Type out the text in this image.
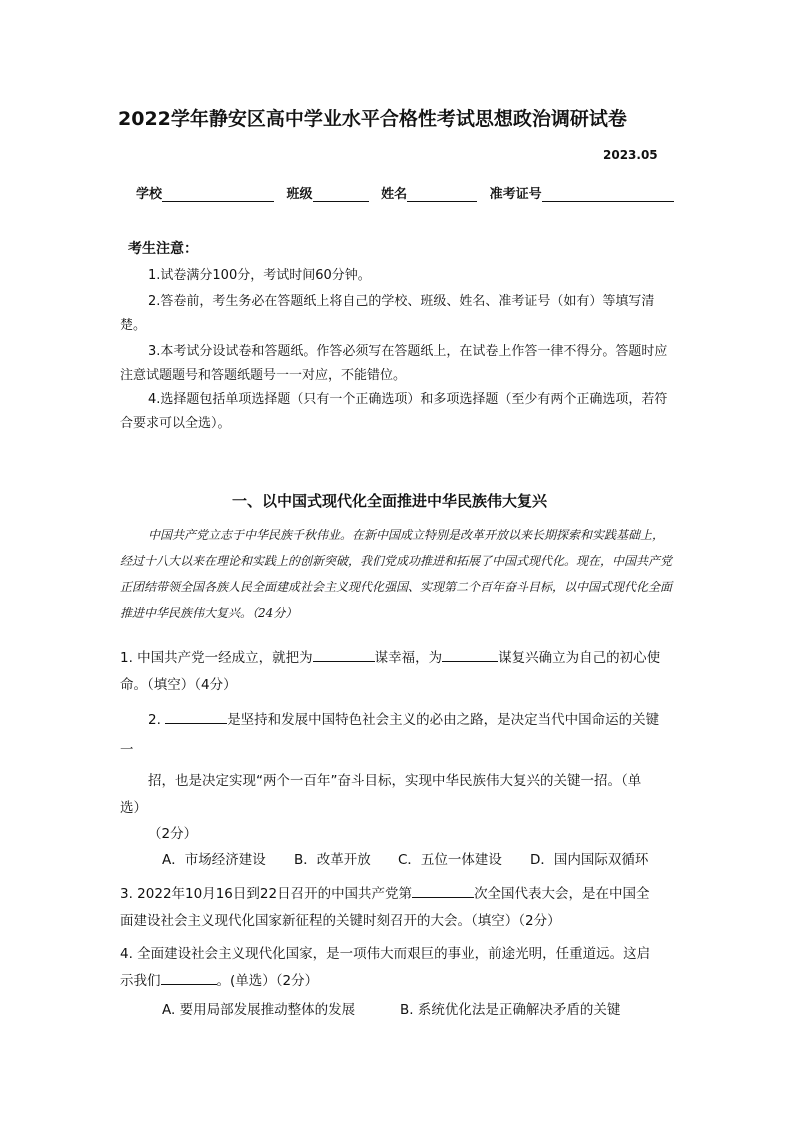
2022学年静安区高中学业水平合格性考试思想政治调研试卷
2023.05
学校	班级	姓名	准考证号
考生注意：
1.试卷满分100分，考试时间60分钟。
2.答卷前，考生务必在答题纸上将自己的学校、班级、姓名、准考证号（如有）等填写清楚。
3.本考试分设试卷和答题纸。作答必须写在答题纸上，在试卷上作答一律不得分。答题时应注意试题题号和答题纸题号一一对应，不能错位。
4.选择题包括单项选择题（只有一个正确选项）和多项选择题（至少有两个正确选项，若符合要求可以全选）。
一、以中国式现代化全面推进中华民族伟大复兴
中国共产党立志于中华民族千秋伟业。在新中国成立特别是改革开放以来长期探索和实践基础上，经过十八大以来在理论和实践上的创新突破，我们党成功推进和拓展了中国式现代化。现在，中国共产党正团结带领全国各族人民全面建成社会主义现代化强国、实现第二个百年奋斗目标，以中国式现代化全面推进中华民族伟大复兴。（24分）
1. 中国共产党一经成立，就把为	谋幸福，为	谋复兴确立为自己的初心使
命。（填空）（4分）
2.	是坚持和发展中国特色社会主义的必由之路，是决定当代中国命运的关键
一
招，也是决定实现“两个一百年”奋斗目标，实现中华民族伟大复兴的关键一招。（单
选）
（2分）
A．市场经济建设 B．改革开放 C．五位一体建设 D．国内国际双循环
3. 2022年10月16日到22日召开的中国共产党第	次全国代表大会，是在中国全
面建设社会主义现代化国家新征程的关键时刻召开的大会。（填空）（2分）
4. 全面建设社会主义现代化国家，是一项伟大而艰巨的事业，前途光明，任重道远。这启
示我们	。(单选）（2分）
A. 要用局部发展推动整体的发展	B. 系统优化法是正确解决矛盾的关键
